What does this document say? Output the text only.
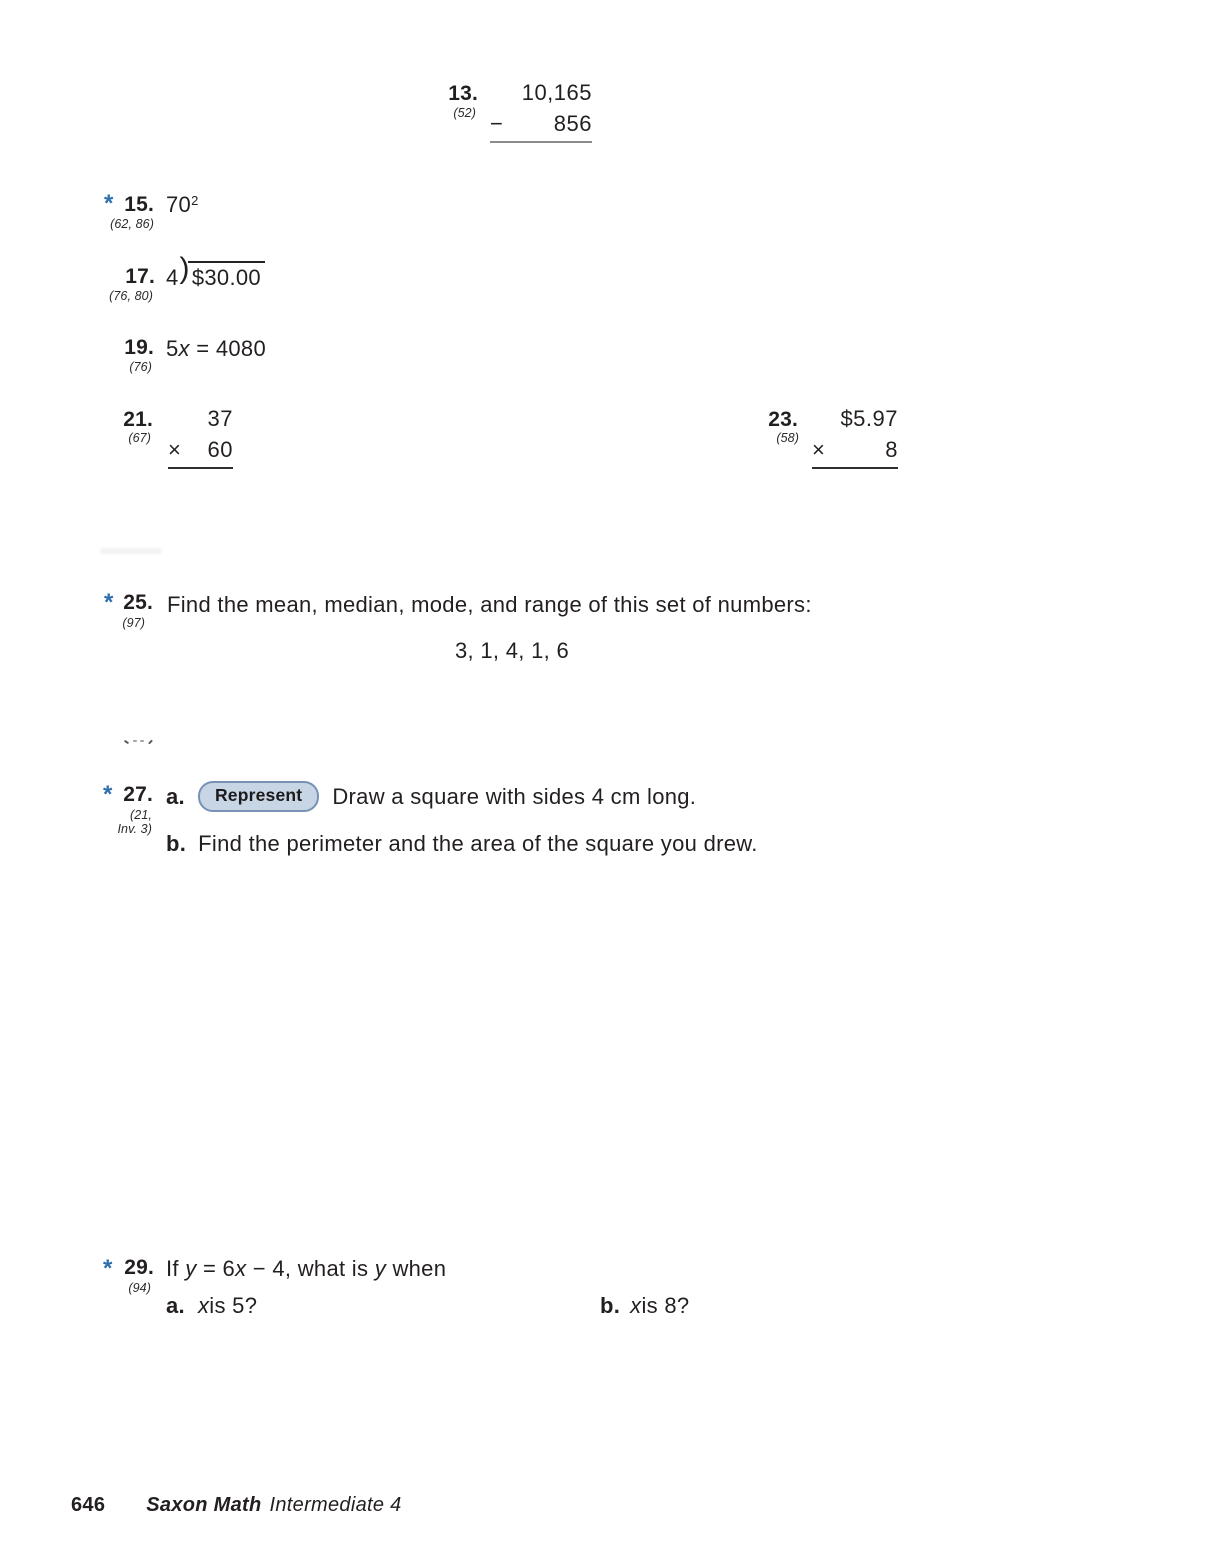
13.
(52)
10,165
− 856
* 15.
(62, 86)
$70^2$
17.
(76, 80)
4 ) $30.00
19.
(76)
5x = 4080
21.
(67)
37
× 60
23.
(58)
$5.97
×	8
* 25.
(97)
Find the mean, median, mode, and range of this set of numbers:
3, 1, 4, 1, 6
* 27.
(21,
Inv. 3)
a.	Represent	Draw a square with sides 4 cm long.
b. Find the perimeter and the area of the square you drew.
* 29.
(94)
If y = 6x − 4, what is y when
a. x is 5?	b. x is 8?
646 Saxon Math Intermediate 4
